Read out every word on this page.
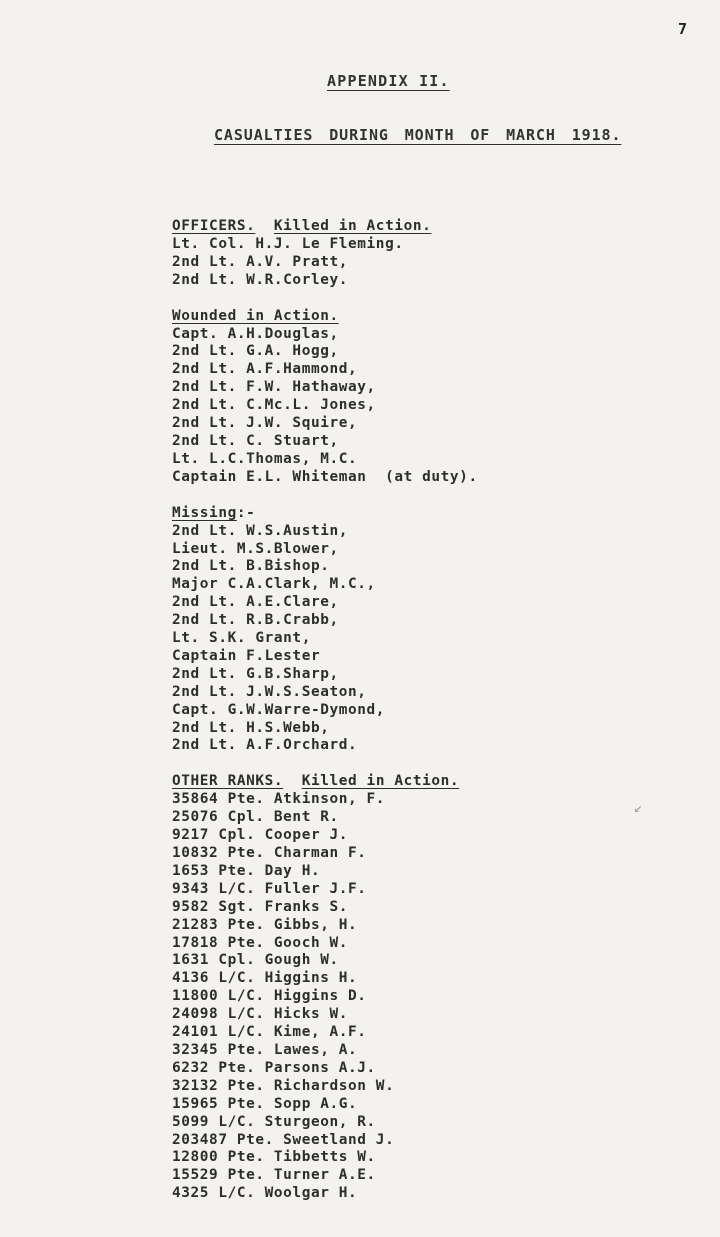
7
APPENDIX II.
CASUALTIES DURING MONTH OF MARCH 1918.
OFFICERS. Killed in Action.
Lt. Col. H.J. Le Fleming.
2nd Lt. A.V. Pratt,
2nd Lt. W.R.Corley.
Wounded in Action.
Capt. A.H.Douglas,
2nd Lt. G.A. Hogg,
2nd Lt. A.F.Hammond,
2nd Lt. F.W. Hathaway,
2nd Lt. C.Mc.L. Jones,
2nd Lt. J.W. Squire,
2nd Lt. C. Stuart,
Lt. L.C.Thomas, M.C.
Captain E.L. Whiteman  (at duty).
Missing:-
2nd Lt. W.S.Austin,
Lieut. M.S.Blower,
2nd Lt. B.Bishop.
Major C.A.Clark, M.C.,
2nd Lt. A.E.Clare,
2nd Lt. R.B.Crabb,
Lt. S.K. Grant,
Captain F.Lester
2nd Lt. G.B.Sharp,
2nd Lt. J.W.S.Seaton,
Capt. G.W.Warre-Dymond,
2nd Lt. H.S.Webb,
2nd Lt. A.F.Orchard.
OTHER RANKS. Killed in Action.
35864 Pte. Atkinson, F.
25076 Cpl. Bent R.
9217 Cpl. Cooper J.
10832 Pte. Charman F.
1653 Pte. Day H.
9343 L/C. Fuller J.F.
9582 Sgt. Franks S.
21283 Pte. Gibbs, H.
17818 Pte. Gooch W.
1631 Cpl. Gough W.
4136 L/C. Higgins H.
11800 L/C. Higgins D.
24098 L/C. Hicks W.
24101 L/C. Kime, A.F.
32345 Pte. Lawes, A.
6232 Pte. Parsons A.J.
32132 Pte. Richardson W.
15965 Pte. Sopp A.G.
5099 L/C. Sturgeon, R.
203487 Pte. Sweetland J.
12800 Pte. Tibbetts W.
15529 Pte. Turner A.E.
4325 L/C. Woolgar H.
↙
